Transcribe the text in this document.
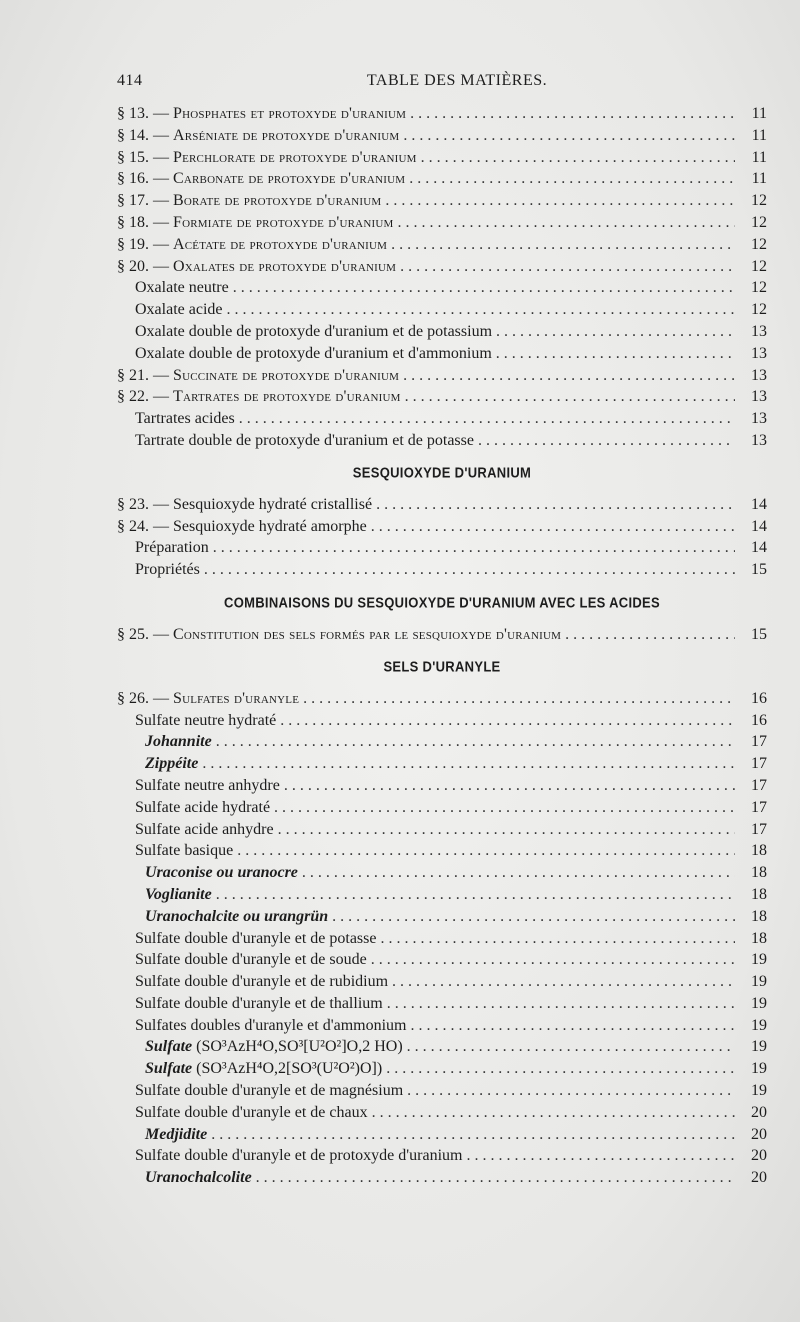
414	TABLE DES MATIÈRES.
§ 13. — Phosphates et protoxyde d'uranium . . .	11
§ 14. — Arséniate de protoxyde d'uranium . . .	11
§ 15. — Perchlorate de protoxyde d'uranium . . .	11
§ 16. — Carbonate de protoxyde d'uranium . . .	11
§ 17. — Borate de protoxyde d'uranium . . .	12
§ 18. — Formiate de protoxyde d'uranium . . .	12
§ 19. — Acétate de protoxyde d'uranium . . .	12
§ 20. — Oxalates de protoxyde d'uranium . . .	12
Oxalate neutre . . .	12
Oxalate acide . . .	12
Oxalate double de protoxyde d'uranium et de potassium . . .	13
Oxalate double de protoxyde d'uranium et d'ammonium . . .	13
§ 21. — Succinate de protoxyde d'uranium . . .	13
§ 22. — Tartrates de protoxyde d'uranium . . .	13
Tartrates acides . . .	13
Tartrate double de protoxyde d'uranium et de potasse . . .	13
SESQUIOXYDE D'URANIUM
§ 23. — Sesquioxyde hydraté cristallisé . . .	14
§ 24. — Sesquioxyde hydraté amorphe . . .	14
Préparation . . .	14
Propriétés . . .	15
COMBINAISONS DU SESQUIOXYDE D'URANIUM AVEC LES ACIDES
§ 25. — Constitution des sels formés par le sesquioxyde d'uranium . . .	15
SELS D'URANYLE
§ 26. — Sulfates d'uranyle . . .	16
Sulfate neutre hydraté . . .	16
Johannite . . .	17
Zippéite . . .	17
Sulfate neutre anhydre . . .	17
Sulfate acide hydraté . . .	17
Sulfate acide anhydre . . .	17
Sulfate basique . . .	18
Uraconise ou uranocre . . .	18
Voglianite . . .	18
Uranochalcite ou urangrün . . .	18
Sulfate double d'uranyle et de potasse . . .	18
Sulfate double d'uranyle et de soude . . .	19
Sulfate double d'uranyle et de rubidium . . .	19
Sulfate double d'uranyle et de thallium . . .	19
Sulfates doubles d'uranyle et d'ammonium . . .	19
Sulfate (SO³AzH⁴O,SO³[U²O²]O,2 HO) . . .	19
Sulfate (SO³AzH⁴O,2[SO³(U²O²)O]) . . .	19
Sulfate double d'uranyle et de magnésium . . .	19
Sulfate double d'uranyle et de chaux . . .	20
Medjidite . . .	20
Sulfate double d'uranyle et de protoxyde d'uranium . . .	20
Uranochalcolite . . .	20
